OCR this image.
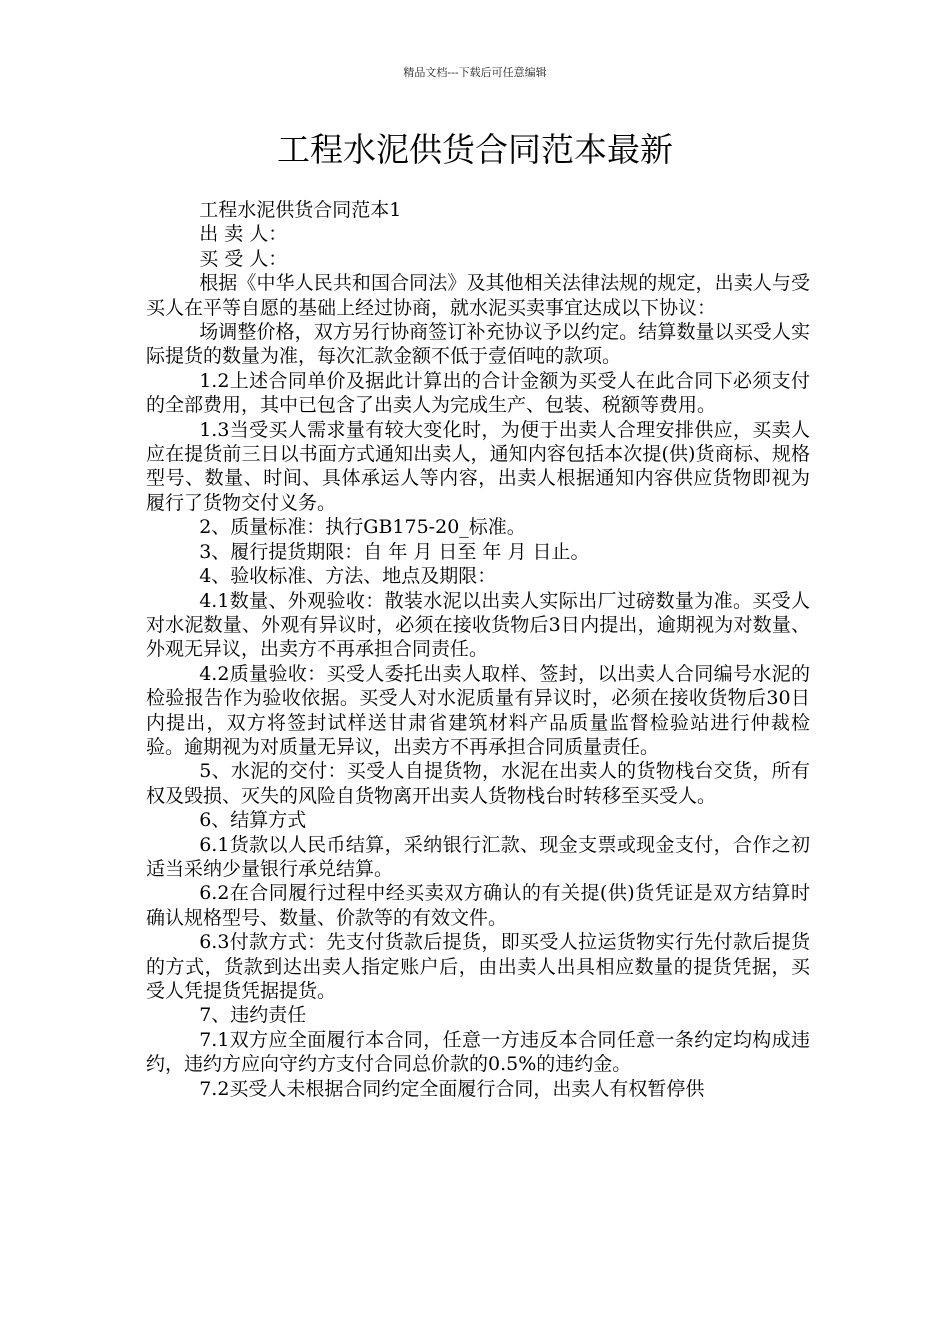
精品文档---下载后可任意编辑
工程水泥供货合同范本最新

工程水泥供货合同范本1

出 卖 人：

买 受 人：

根据《中华人民共和国合同法》及其他相关法律法规的规定，出卖人与受买人在平等自愿的基础上经过协商，就水泥买卖事宜达成以下协议：

场调整价格，双方另行协商签订补充协议予以约定。结算数量以买受人实际提货的数量为准，每次汇款金额不低于壹佰吨的款项。

1.2上述合同单价及据此计算出的合计金额为买受人在此合同下必须支付的全部费用，其中已包含了出卖人为完成生产、包装、税额等费用。

1.3当受买人需求量有较大变化时，为便于出卖人合理安排供应，买卖人应在提货前三日以书面方式通知出卖人，通知内容包括本次提(供)货商标、规格型号、数量、时间、具体承运人等内容，出卖人根据通知内容供应货物即视为履行了货物交付义务。

2、质量标准：执行GB175-20_标准。

3、履行提货期限：自 年 月 日至 年 月 日止。

4、验收标准、方法、地点及期限：

4.1数量、外观验收：散装水泥以出卖人实际出厂过磅数量为准。买受人对水泥数量、外观有异议时，必须在接收货物后3日内提出，逾期视为对数量、外观无异议，出卖方不再承担合同责任。

4.2质量验收：买受人委托出卖人取样、签封，以出卖人合同编号水泥的检验报告作为验收依据。买受人对水泥质量有异议时，必须在接收货物后30日内提出，双方将签封试样送甘肃省建筑材料产品质量监督检验站进行仲裁检验。逾期视为对质量无异议，出卖方不再承担合同质量责任。

5、水泥的交付：买受人自提货物，水泥在出卖人的货物栈台交货，所有权及毁损、灭失的风险自货物离开出卖人货物栈台时转移至买受人。

6、结算方式

6.1货款以人民币结算，采纳银行汇款、现金支票或现金支付，合作之初适当采纳少量银行承兑结算。

6.2在合同履行过程中经买卖双方确认的有关提(供)货凭证是双方结算时确认规格型号、数量、价款等的有效文件。

6.3付款方式：先支付货款后提货，即买受人拉运货物实行先付款后提货的方式，货款到达出卖人指定账户后，由出卖人出具相应数量的提货凭据，买受人凭提货凭据提货。

7、违约责任

7.1双方应全面履行本合同，任意一方违反本合同任意一条约定均构成违约，违约方应向守约方支付合同总价款的0.5%的违约金。

7.2买受人未根据合同约定全面履行合同，出卖人有权暂停供
